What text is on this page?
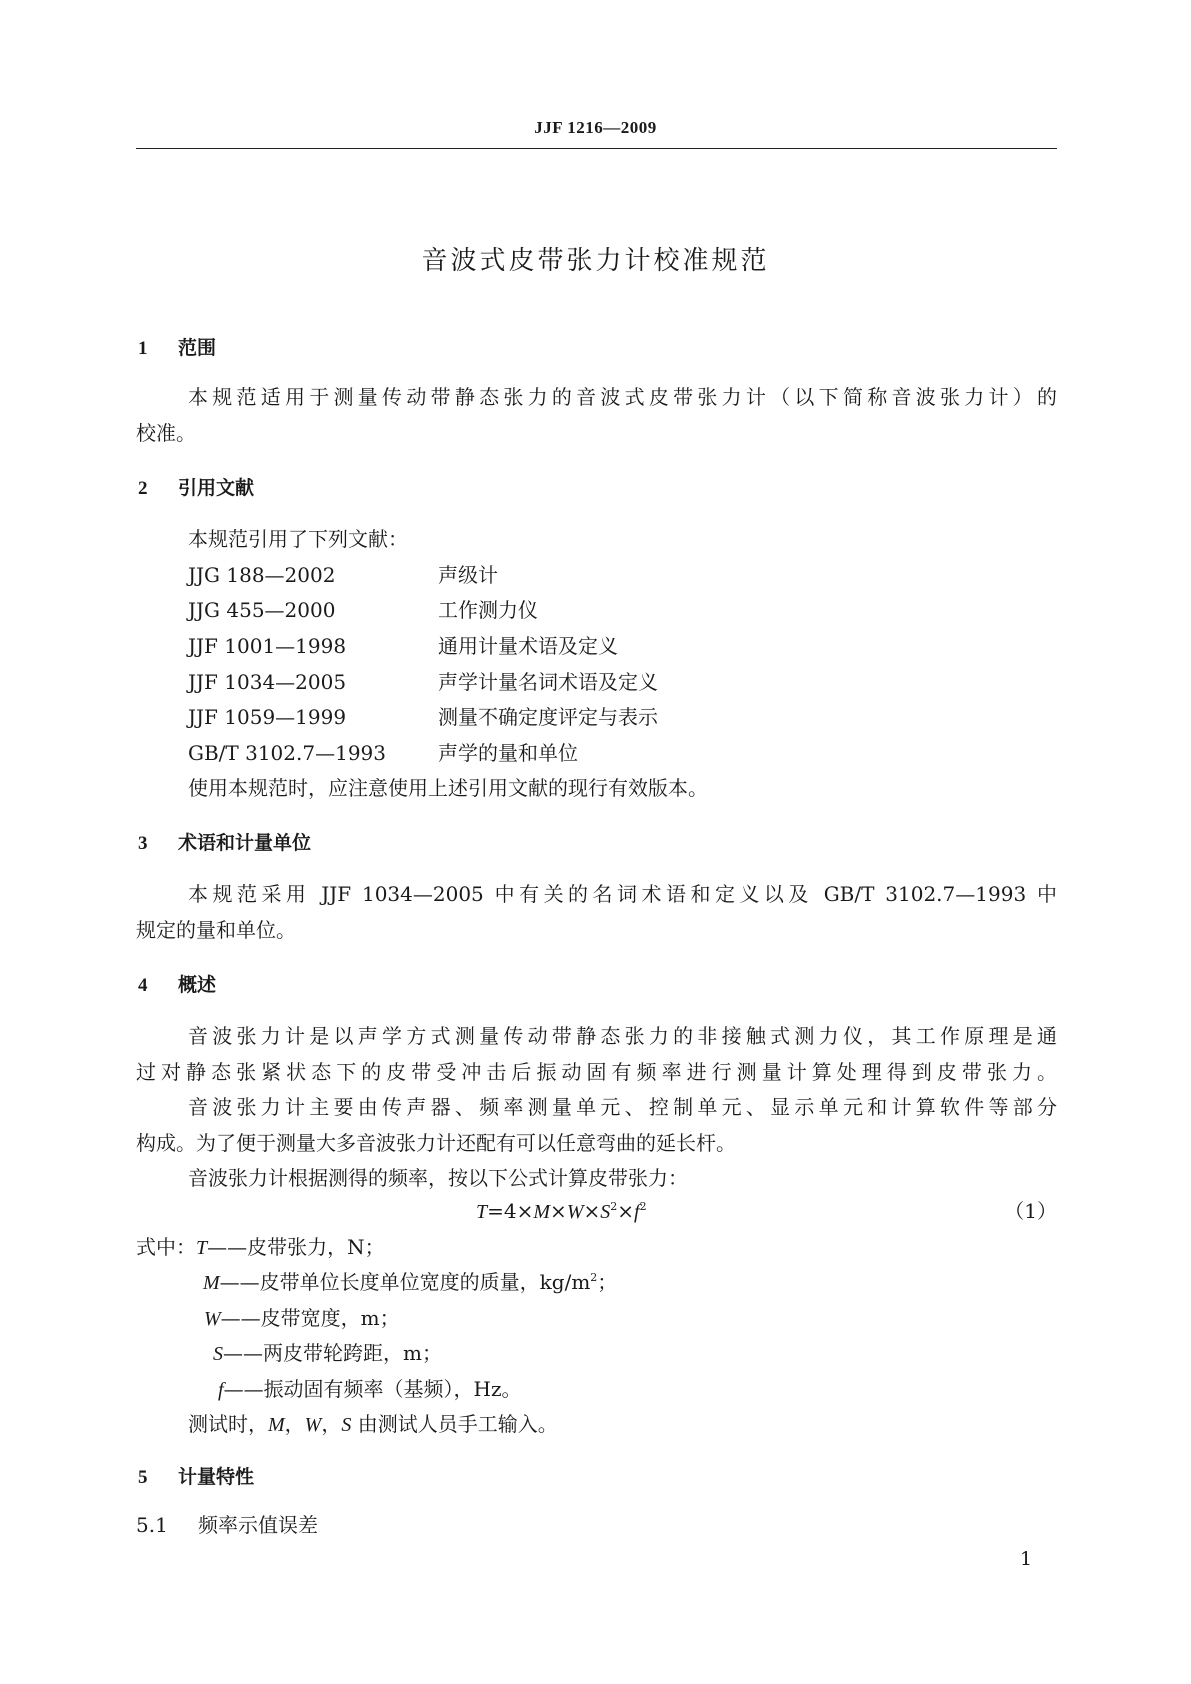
JJF 1216—2009
音波式皮带张力计校准规范
1 范围
本规范适用于测量传动带静态张力的音波式皮带张力计（以下简称音波张力计）的
校准。
2 引用文献
本规范引用了下列文献：
JJG 188—2002	声级计
JJG 455—2000	工作测力仪
JJF 1001—1998	通用计量术语及定义
JJF 1034—2005	声学计量名词术语及定义
JJF 1059—1999	测量不确定度评定与表示
GB/T 3102.7—1993	声学的量和单位
使用本规范时，应注意使用上述引用文献的现行有效版本。
3 术语和计量单位
本规范采用 JJF 1034—2005 中有关的名词术语和定义以及 GB/T 3102.7—1993 中
规定的量和单位。
4 概述
音波张力计是以声学方式测量传动带静态张力的非接触式测力仪，其工作原理是通
过对静态张紧状态下的皮带受冲击后振动固有频率进行测量计算处理得到皮带张力。
音波张力计主要由传声器、频率测量单元、控制单元、显示单元和计算软件等部分
构成。为了便于测量大多音波张力计还配有可以任意弯曲的延长杆。
音波张力计根据测得的频率，按以下公式计算皮带张力：
$T=4\times M\times W\times S^2\times f^2$	（1）
式中：T——皮带张力，N；
M——皮带单位长度单位宽度的质量，$kg/m^2$；
W——皮带宽度，m；
S——两皮带轮跨距，m；
f——振动固有频率（基频），Hz。
测试时，M，W，S 由测试人员手工输入。
5 计量特性
5.1 频率示值误差
1
